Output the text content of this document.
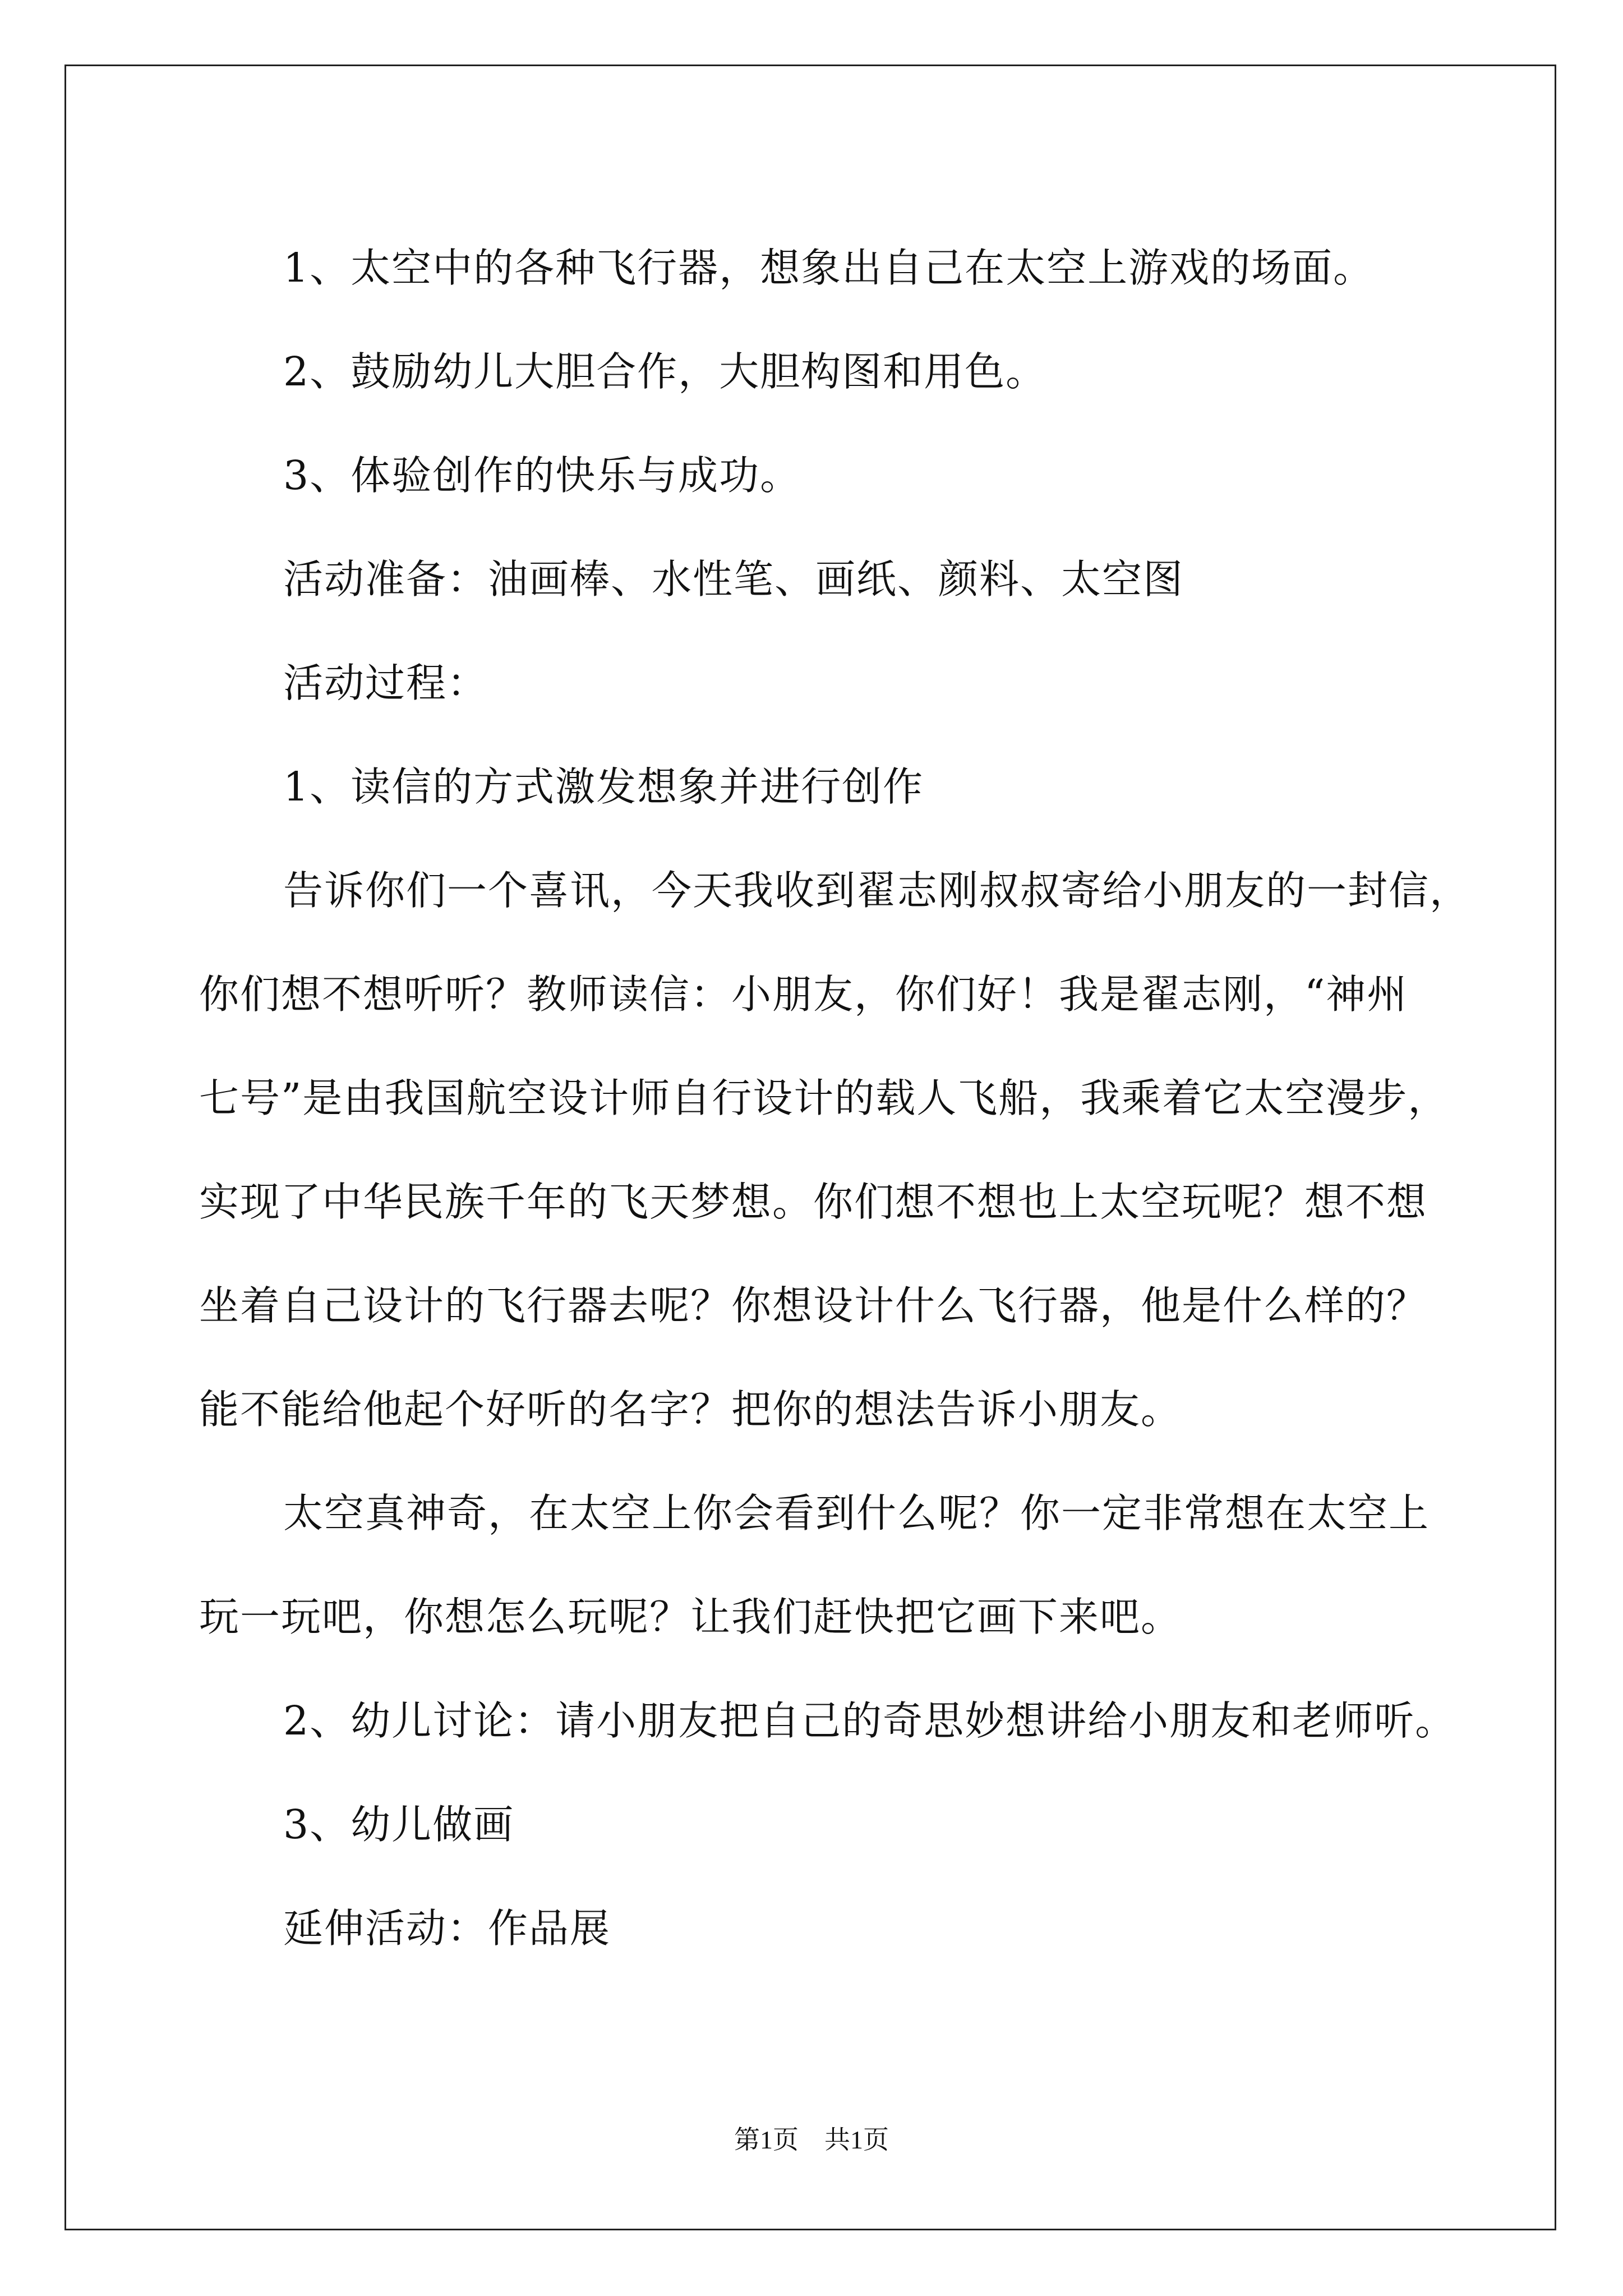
1、太空中的各种飞行器，想象出自己在太空上游戏的场面。

2、鼓励幼儿大胆合作，大胆构图和用色。

3、体验创作的快乐与成功。

活动准备：油画棒、水性笔、画纸、颜料、太空图

活动过程：

1、读信的方式激发想象并进行创作

告诉你们一个喜讯，今天我收到翟志刚叔叔寄给小朋友的一封信，

你们想不想听听？教师读信：小朋友，你们好！我是翟志刚，“神州

七号”是由我国航空设计师自行设计的载人飞船，我乘着它太空漫步，

实现了中华民族千年的飞天梦想。你们想不想也上太空玩呢？想不想

坐着自己设计的飞行器去呢？你想设计什么飞行器，他是什么样的？

能不能给他起个好听的名字？把你的想法告诉小朋友。

太空真神奇，在太空上你会看到什么呢？你一定非常想在太空上

玩一玩吧，你想怎么玩呢？让我们赶快把它画下来吧。

2、幼儿讨论：请小朋友把自己的奇思妙想讲给小朋友和老师听。

3、幼儿做画

延伸活动：作品展

第1页　共1页
